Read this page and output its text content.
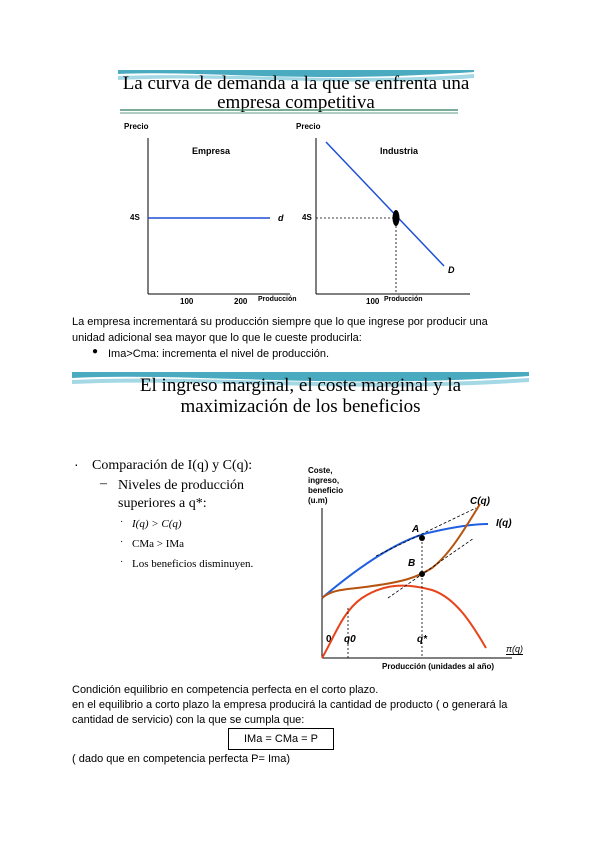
La curva de demanda a la que se enfrenta una
empresa competitiva
Precio
Empresa
4S	d
100	200 Producción
Precio
Industria
4S
D
100 Producción
La empresa incrementará su producción siempre que lo que ingrese por producir una
unidad adicional sea mayor que lo que le cueste producirla:
● Ima>Cma: incrementa el nivel de producción.
El ingreso marginal, el coste marginal y la
maximización de los beneficios
· Comparación de I(q) y C(q):
– Niveles de producción
superiores a q*:
· I(q) > C(q)
· CMa > IMa
· Los beneficios disminuyen.
Coste,
ingreso,
beneficio
(u.m)	C(q)
I(q)
A
B
π(q)
0 q0	q*
Producción (unidades al año)
Condición equilibrio en competencia perfecta en el corto plazo.
en el equilibrio a corto plazo la empresa producirá la cantidad de producto ( o generará la
cantidad de servicio) con la que se cumpla que:
IMa = CMa = P
( dado que en competencia perfecta P= Ima)
